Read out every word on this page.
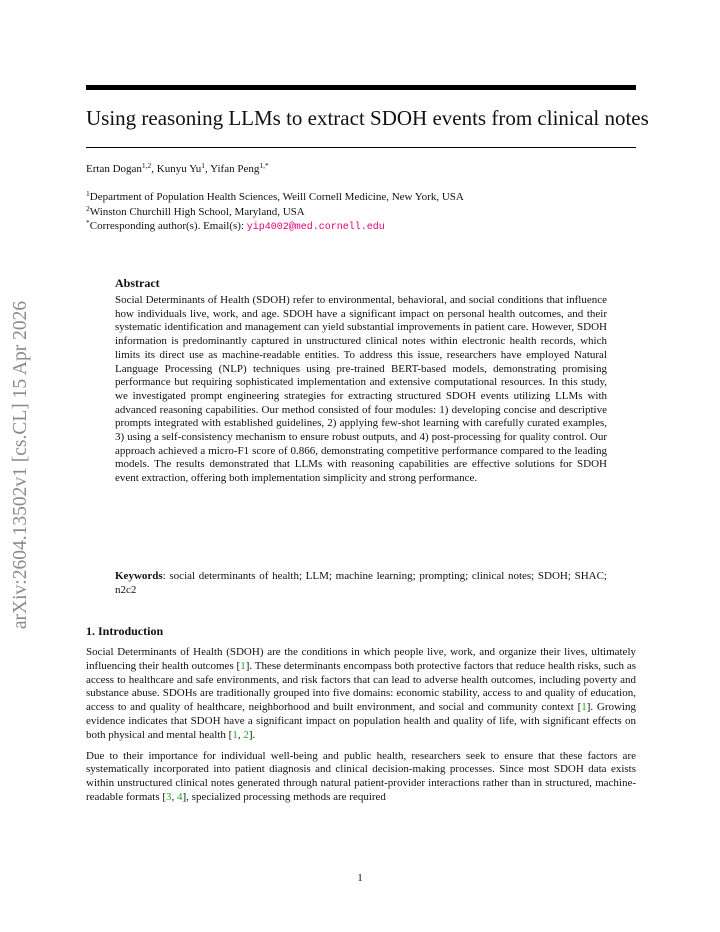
arXiv:2604.13502v1 [cs.CL] 15 Apr 2026
Using reasoning LLMs to extract SDOH events from clinical notes
Ertan Dogan$^{1,2}$, Kunyu Yu$^1$, Yifan Peng$^{1,*}$
$^1$Department of Population Health Sciences, Weill Cornell Medicine, New York, USA
$^2$Winston Churchill High School, Maryland, USA
*Corresponding author(s). Email(s): yip4002@med.cornell.edu
Abstract

Social Determinants of Health (SDOH) refer to environmental, behavioral, and social conditions that influence how individuals live, work, and age. SDOH have a significant impact on personal health outcomes, and their systematic identification and management can yield substantial improvements in patient care. However, SDOH information is predominantly captured in unstructured clinical notes within electronic health records, which limits its direct use as machine-readable entities. To address this issue, researchers have employed Natural Language Processing (NLP) techniques using pre-trained BERT-based models, demonstrating promising performance but requiring sophisticated implementation and extensive computational resources. In this study, we investigated prompt engineering strategies for extracting structured SDOH events utilizing LLMs with advanced reasoning capabilities. Our method consisted of four modules: 1) developing concise and descriptive prompts integrated with established guidelines, 2) applying few-shot learning with carefully curated examples, 3) using a self-consistency mechanism to ensure robust outputs, and 4) post-processing for quality control. Our approach achieved a micro-F1 score of 0.866, demonstrating competitive performance compared to the leading models. The results demonstrated that LLMs with reasoning capabilities are effective solutions for SDOH event extraction, offering both implementation simplicity and strong performance.

Keywords: social determinants of health; LLM; machine learning; prompting; clinical notes; SDOH; SHAC; n2c2
1. Introduction

Social Determinants of Health (SDOH) are the conditions in which people live, work, and organize their lives, ultimately influencing their health outcomes [1]. These determinants encompass both protective factors that reduce health risks, such as access to healthcare and safe environments, and risk factors that can lead to adverse health outcomes, including poverty and substance abuse. SDOHs are traditionally grouped into five domains: economic stability, access to and quality of education, access to and quality of healthcare, neighborhood and built environment, and social and community context [1]. Growing evidence indicates that SDOH have a significant impact on population health and quality of life, with significant effects on both physical and mental health [1, 2].

Due to their importance for individual well-being and public health, researchers seek to ensure that these factors are systematically incorporated into patient diagnosis and clinical decision-making processes. Since most SDOH data exists within unstructured clinical notes generated through natural patient-provider interactions rather than in structured, machine-readable formats [3, 4], specialized processing methods are required

1
